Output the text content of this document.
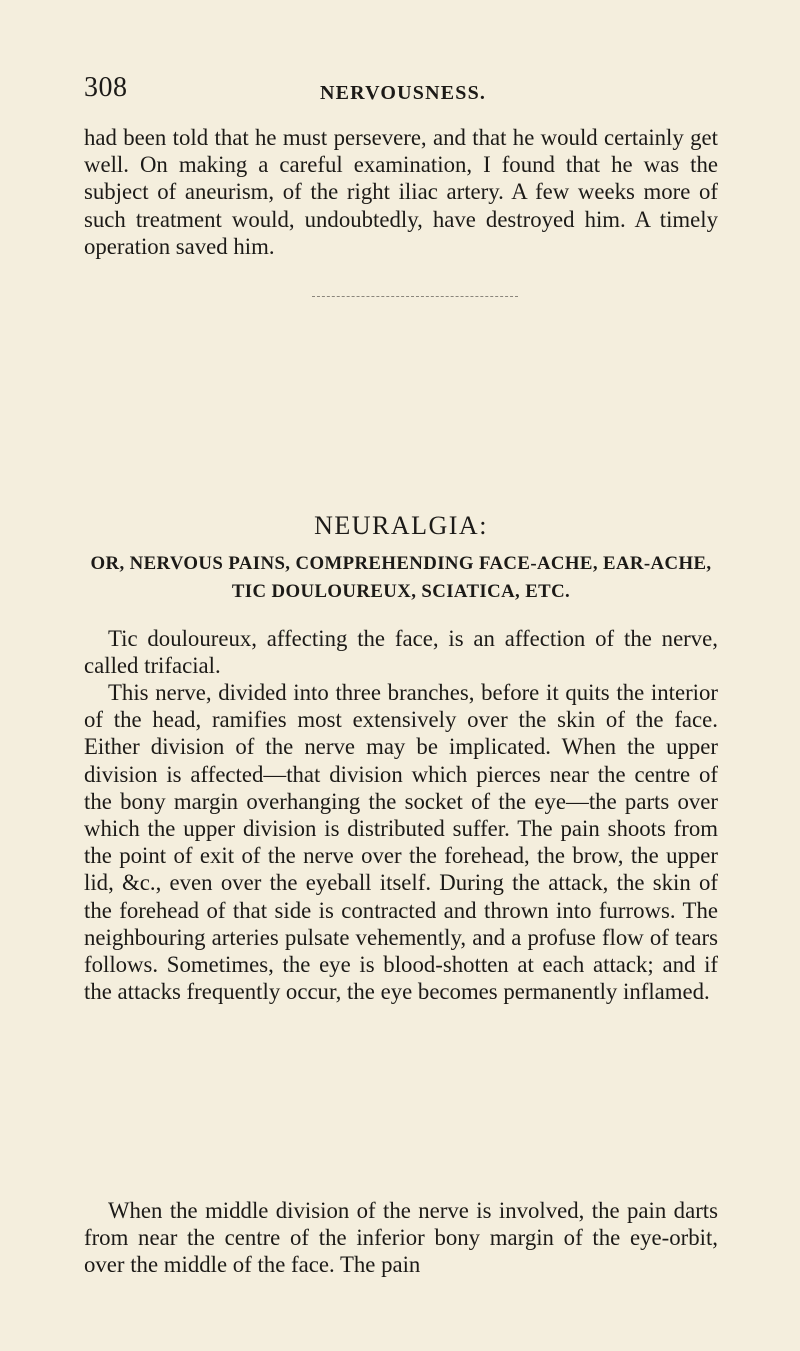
308	NERVOUSNESS.

had been told that he must persevere, and that he would certainly get well. On making a careful examination, I found that he was the subject of aneurism, of the right iliac artery. A few weeks more of such treatment would, undoubtedly, have destroyed him. A timely operation saved him.

NEURALGIA:
OR, NERVOUS PAINS, COMPREHENDING FACE-ACHE, EAR-ACHE, TIC DOULOUREUX, SCIATICA, ETC.

Tic douloureux, affecting the face, is an affection of the nerve, called trifacial.

This nerve, divided into three branches, before it quits the interior of the head, ramifies most extensively over the skin of the face. Either division of the nerve may be implicated. When the upper division is affected—that division which pierces near the centre of the bony margin overhanging the socket of the eye—the parts over which the upper division is distributed suffer. The pain shoots from the point of exit of the nerve over the forehead, the brow, the upper lid, &c., even over the eyeball itself. During the attack, the skin of the forehead of that side is contracted and thrown into furrows. The neighbouring arteries pulsate vehemently, and a profuse flow of tears follows. Sometimes, the eye is blood-shotten at each attack; and if the attacks frequently occur, the eye becomes permanently inflamed.

When the middle division of the nerve is involved, the pain darts from near the centre of the inferior bony margin of the eye-orbit, over the middle of the face. The pain
